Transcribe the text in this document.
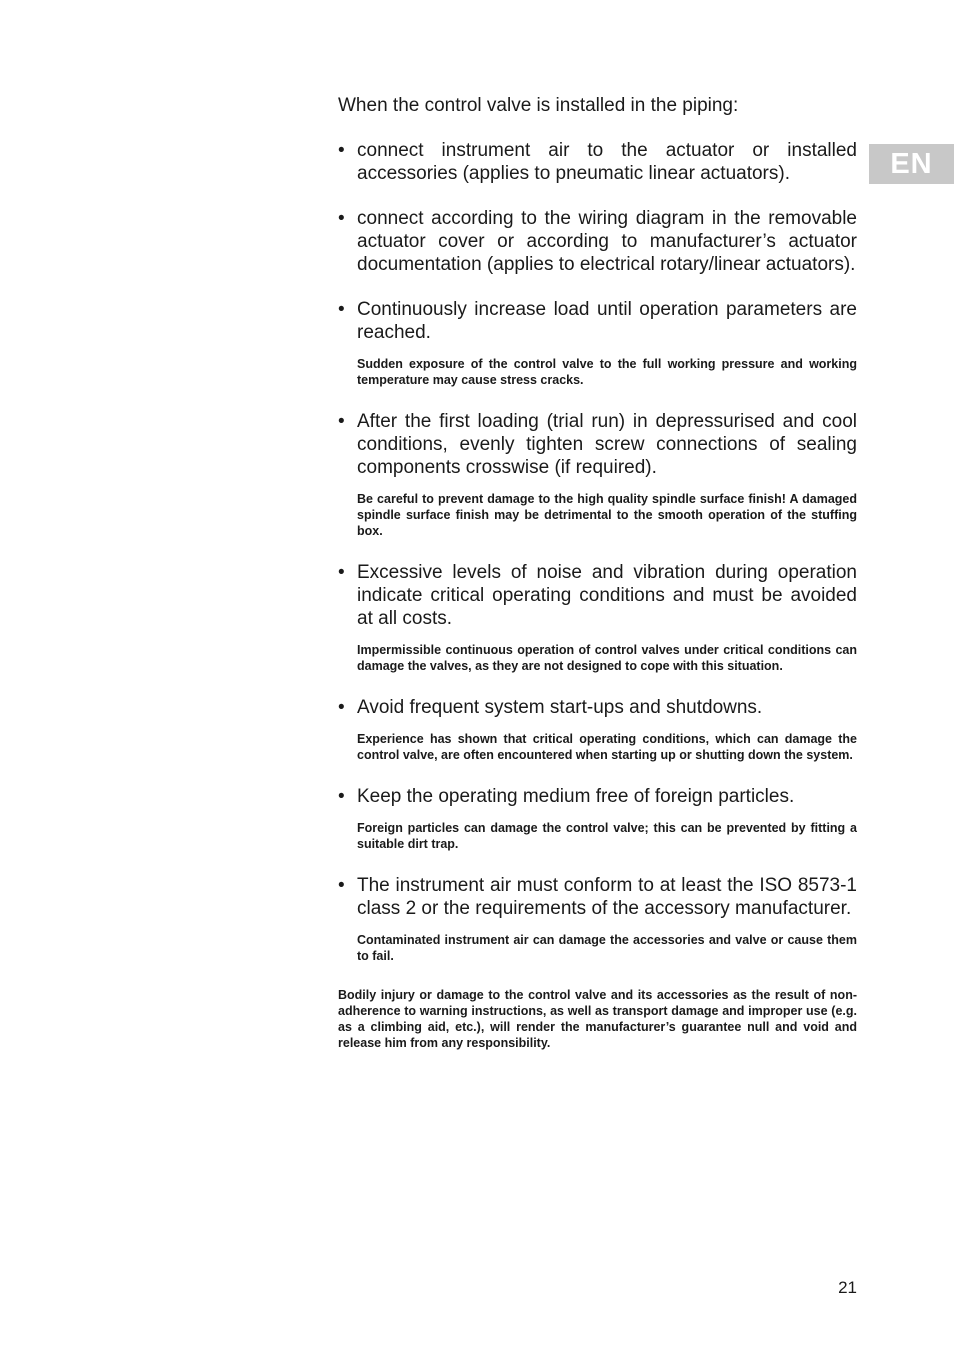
EN

When the control valve is installed in the piping:

• connect instrument air to the actuator or installed accessories (applies to pneumatic linear actuators).
• connect according to the wiring diagram in the removable actuator cover or according to manufacturer’s actuator documentation (applies to electrical rotary/linear actuators).
• Continuously increase load until operation parameters are reached.
Sudden exposure of the control valve to the full working pressure and working temperature may cause stress cracks.
• After the first loading (trial run) in depressurised and cool conditions, evenly tighten screw connections of sealing components crosswise (if required).
Be careful to prevent damage to the high quality spindle surface finish! A damaged spindle surface finish may be detrimental to the smooth operation of the stuffing box.
• Excessive levels of noise and vibration during operation indicate critical operating conditions and must be avoided at all costs.
Impermissible continuous operation of control valves under critical conditions can damage the valves, as they are not designed to cope with this situation.
• Avoid frequent system start-ups and shutdowns.
Experience has shown that critical operating conditions, which can damage the control valve, are often encountered when starting up or shutting down the system.
• Keep the operating medium free of foreign particles.
Foreign particles can damage the control valve; this can be prevented by fitting a suitable dirt trap.
• The instrument air must conform to at least the ISO 8573-1 class 2 or the requirements of the accessory manufacturer.
Contaminated instrument air can damage the accessories and valve or cause them to fail.
Bodily injury or damage to the control valve and its accessories as the result of non-adherence to warning instructions, as well as transport damage and improper use (e.g. as a climbing aid, etc.), will render the manufacturer’s guarantee null and void and release him from any responsibility.
21
